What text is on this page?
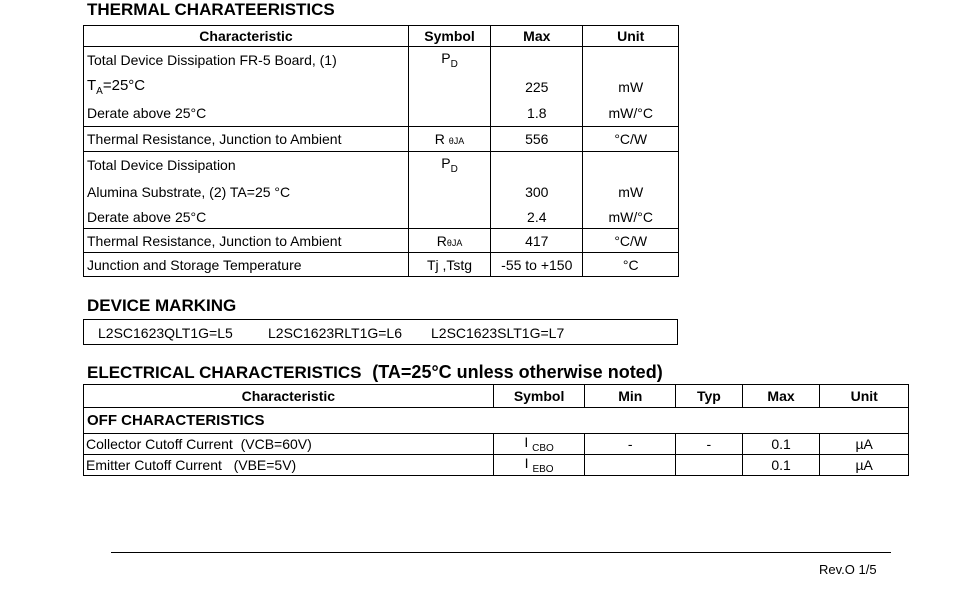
THERMAL CHARATEERISTICS
Characteristic	Symbol	Max	Unit
Total Device Dissipation FR-5 Board, (1)	$P_D$		
$T_A=25^\circ C$		225	mW
Derate above 25°C		1.8	mW/°C
Thermal Resistance, Junction to Ambient	R θJA	556	°C/W
Total Device Dissipation	$P_D$		
Alumina Substrate, (2) TA=25 °C		300	mW
Derate above 25°C		2.4	mW/°C
Thermal Resistance, Junction to Ambient	RθJA	417	°C/W
Junction and Storage Temperature	Tj ,Tstg	-55 to +150	°C
DEVICE MARKING
L2SC1623QLT1G=L5	L2SC1623RLT1G=L6 L2SC1623SLT1G=L7
ELECTRICAL CHARACTERISTICS (TA=25°C unless otherwise noted)
Characteristic	Symbol	Min	Typ	Max	Unit
OFF CHARACTERISTICS					
Collector Cutoff Current (VCB=60V)	I $_{CBO}$	-	-	0.1	µA
Emitter Cutoff Current (VBE=5V)	I $_{EBO}$			0.1	µA
Rev.O 1/5
